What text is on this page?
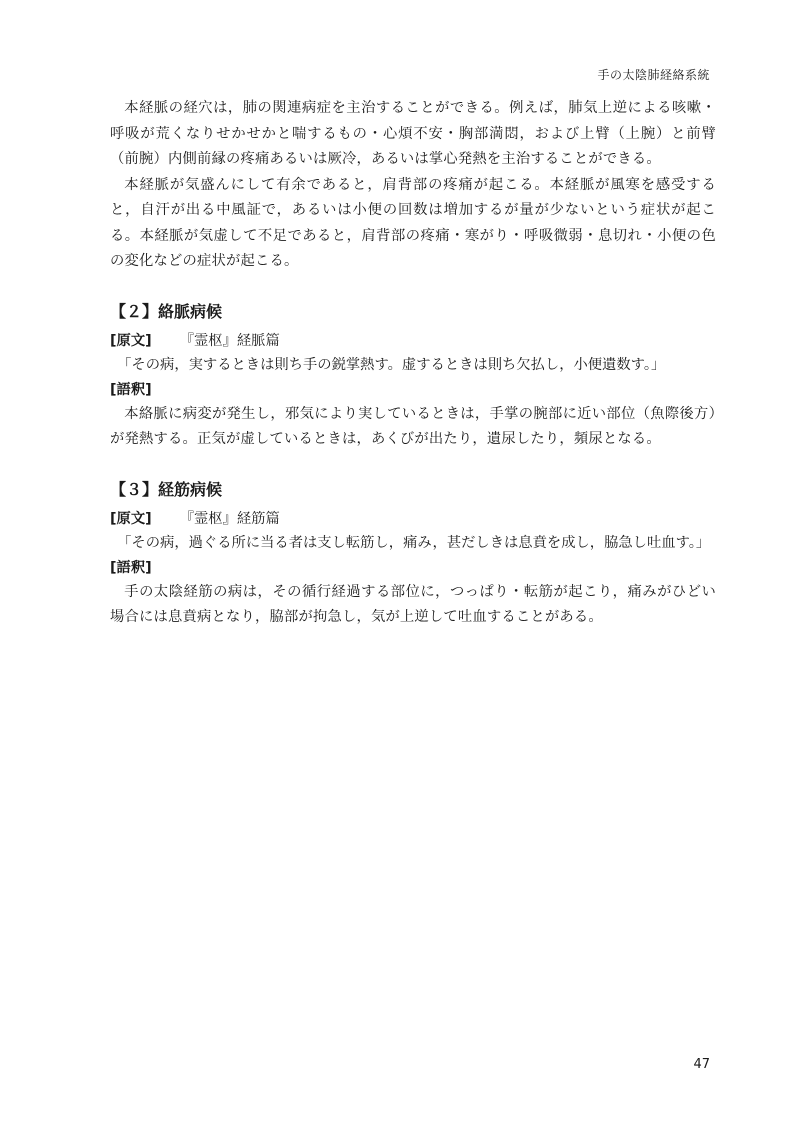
手の太陰肺経絡系統

本経脈の経穴は，肺の関連病症を主治することができる。例えば，肺気上逆による咳嗽・呼吸が荒くなりせかせかと喘するもの・心煩不安・胸部満悶，および上臂（上腕）と前臂（前腕）内側前縁の疼痛あるいは厥冷，あるいは掌心発熱を主治することができる。

本経脈が気盛んにして有余であると，肩背部の疼痛が起こる。本経脈が風寒を感受すると，自汗が出る中風証で，あるいは小便の回数は増加するが量が少ないという症状が起こる。本経脈が気虚して不足であると，肩背部の疼痛・寒がり・呼吸微弱・息切れ・小便の色の変化などの症状が起こる。

【２】絡脈病候
[原文] 『霊枢』経脈篇

「その病，実するときは則ち手の鋭掌熱す。虚するときは則ち欠払し，小便遺数す。」

[語釈]

本絡脈に病変が発生し，邪気により実しているときは，手掌の腕部に近い部位（魚際後方）が発熱する。正気が虚しているときは，あくびが出たり，遺尿したり，頻尿となる。

【３】経筋病候
[原文] 『霊枢』経筋篇

「その病，過ぐる所に当る者は支し転筋し，痛み，甚だしきは息賁を成し，脇急し吐血す。」

[語釈]

手の太陰経筋の病は，その循行経過する部位に，つっぱり・転筋が起こり，痛みがひどい場合には息賁病となり，脇部が拘急し，気が上逆して吐血することがある。

47
